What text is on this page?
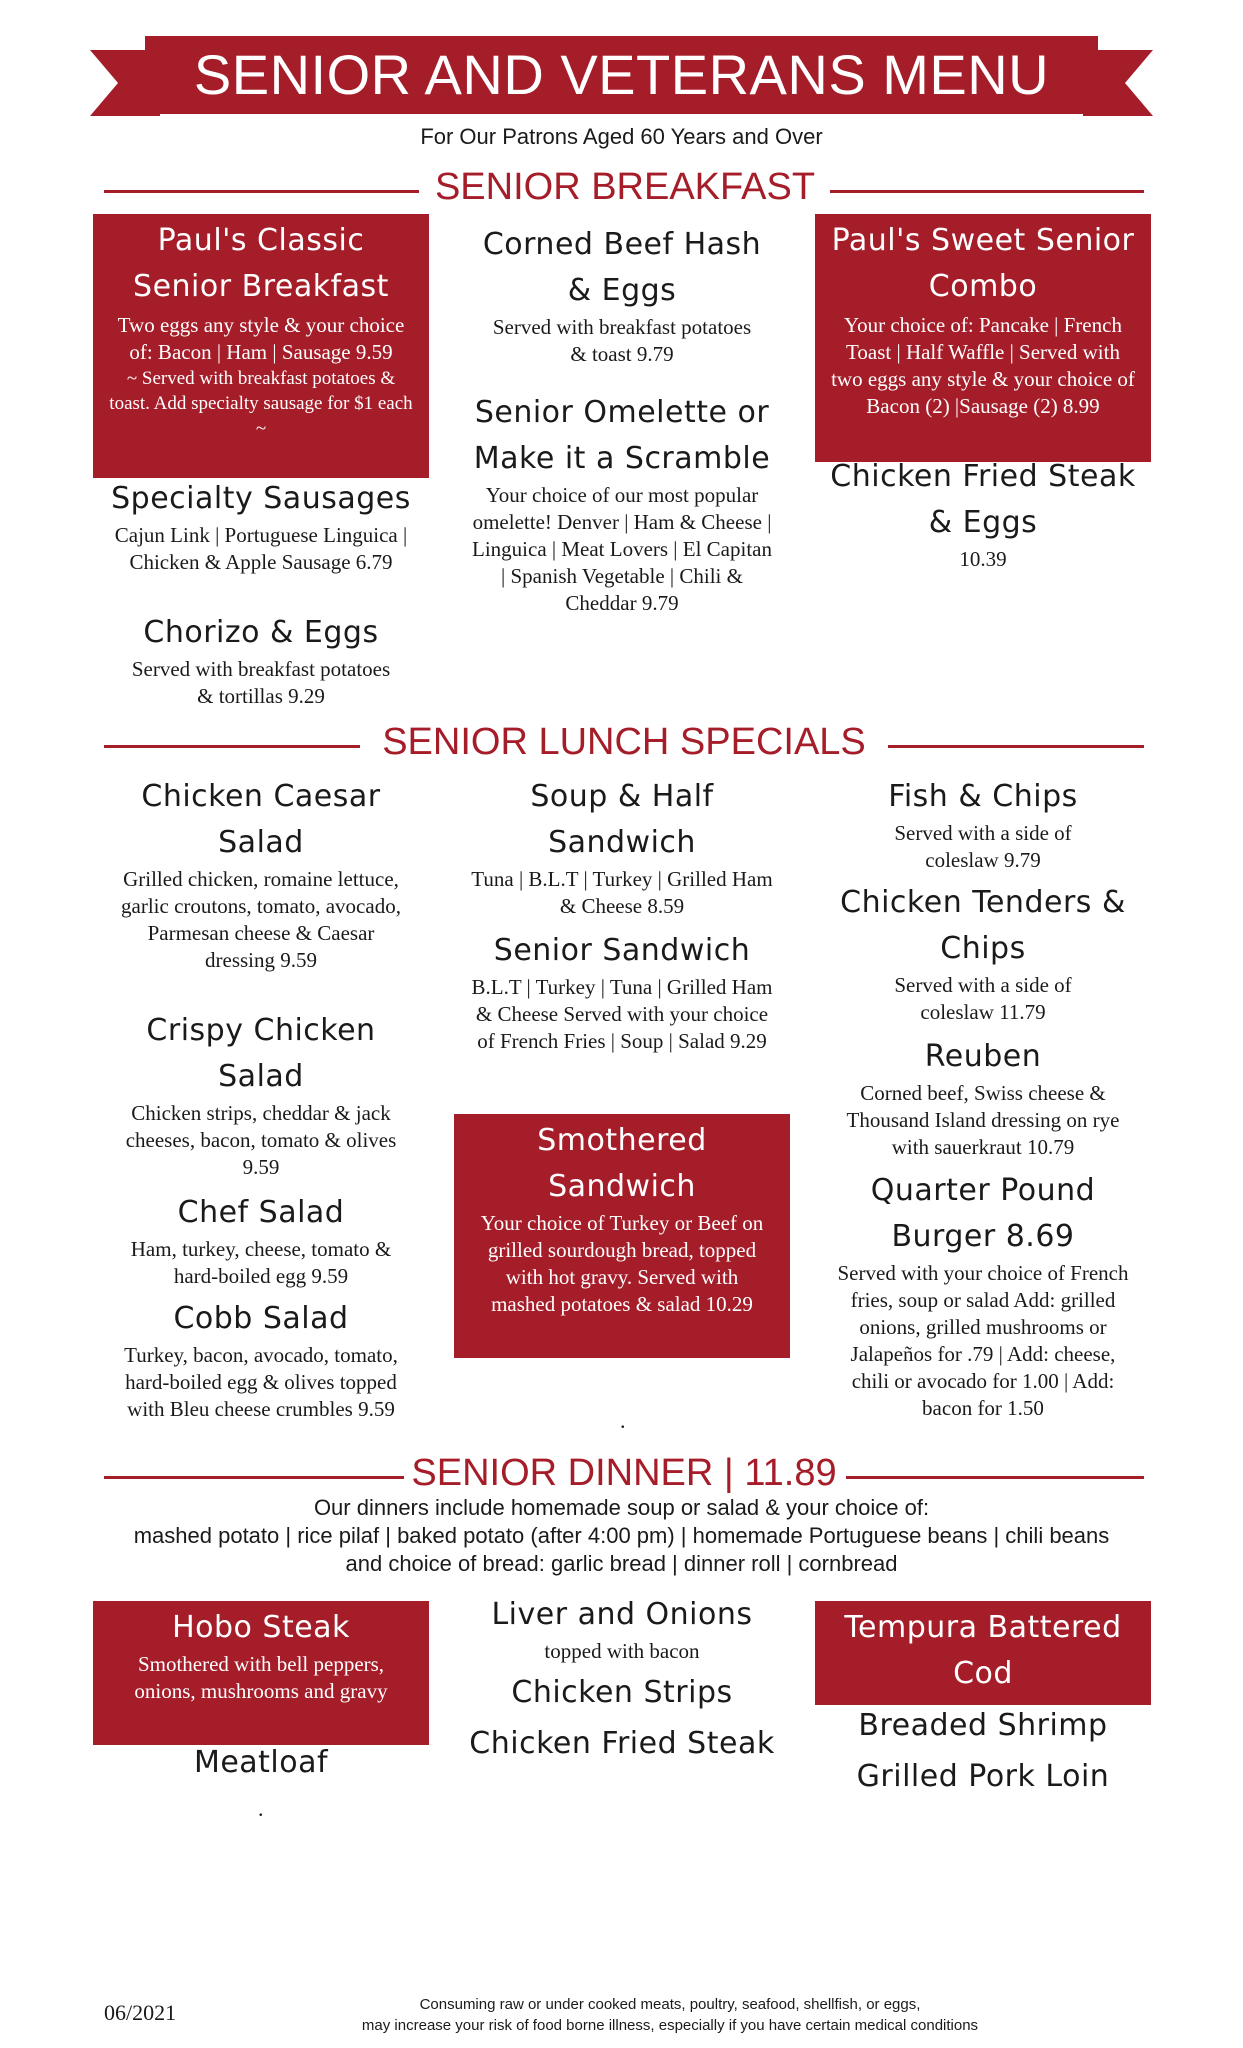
SENIOR AND VETERANS MENU
For Our Patrons Aged 60 Years and Over
SENIOR BREAKFAST
Paul's Classic Senior Breakfast
Two eggs any style & your choice of: Bacon | Ham | Sausage 9.59
~ Served with breakfast potatoes & toast. Add specialty sausage for $1 each ~
Specialty Sausages
Cajun Link | Portuguese Linguica | Chicken & Apple Sausage 6.79
Chorizo & Eggs
Served with breakfast potatoes & tortillas 9.29
Corned Beef Hash & Eggs
Served with breakfast potatoes & toast 9.79
Senior Omelette or Make it a Scramble
Your choice of our most popular omelette! Denver | Ham & Cheese | Linguica | Meat Lovers | El Capitan | Spanish Vegetable | Chili & Cheddar 9.79
Paul's Sweet Senior Combo
Your choice of: Pancake | French Toast | Half Waffle | Served with two eggs any style & your choice of Bacon (2) |Sausage (2) 8.99
Chicken Fried Steak & Eggs
10.39
SENIOR LUNCH SPECIALS
Chicken Caesar Salad
Grilled chicken, romaine lettuce, garlic croutons, tomato, avocado, Parmesan cheese & Caesar dressing 9.59
Crispy Chicken Salad
Chicken strips, cheddar & jack cheeses, bacon, tomato & olives 9.59
Chef Salad
Ham, turkey, cheese, tomato & hard-boiled egg 9.59
Cobb Salad
Turkey, bacon, avocado, tomato, hard-boiled egg & olives topped with Bleu cheese crumbles 9.59
Soup & Half Sandwich
Tuna | B.L.T | Turkey | Grilled Ham & Cheese 8.59
Senior Sandwich
B.L.T | Turkey | Tuna | Grilled Ham & Cheese Served with your choice of French Fries | Soup | Salad 9.29
Smothered Sandwich
Your choice of Turkey or Beef on grilled sourdough bread, topped with hot gravy. Served with mashed potatoes & salad 10.29
.
Fish & Chips
Served with a side of coleslaw 9.79
Chicken Tenders & Chips
Served with a side of coleslaw 11.79
Reuben
Corned beef, Swiss cheese & Thousand Island dressing on rye with sauerkraut 10.79
Quarter Pound Burger 8.69
Served with your choice of French fries, soup or salad Add: grilled onions, grilled mushrooms or Jalapeños for .79 | Add: cheese, chili or avocado for 1.00 | Add: bacon for 1.50
SENIOR DINNER | 11.89
Our dinners include homemade soup or salad & your choice of:
mashed potato | rice pilaf | baked potato (after 4:00 pm) | homemade Portuguese beans | chili beans
and choice of bread: garlic bread | dinner roll | cornbread
Hobo Steak
Smothered with bell peppers, onions, mushrooms and gravy
Meatloaf
.
Liver and Onions
topped with bacon
Chicken Strips
Chicken Fried Steak
Tempura Battered Cod
Breaded Shrimp
Grilled Pork Loin
06/2021	Consuming raw or under cooked meats, poultry, seafood, shellfish, or eggs,
may increase your risk of food borne illness, especially if you have certain medical conditions
